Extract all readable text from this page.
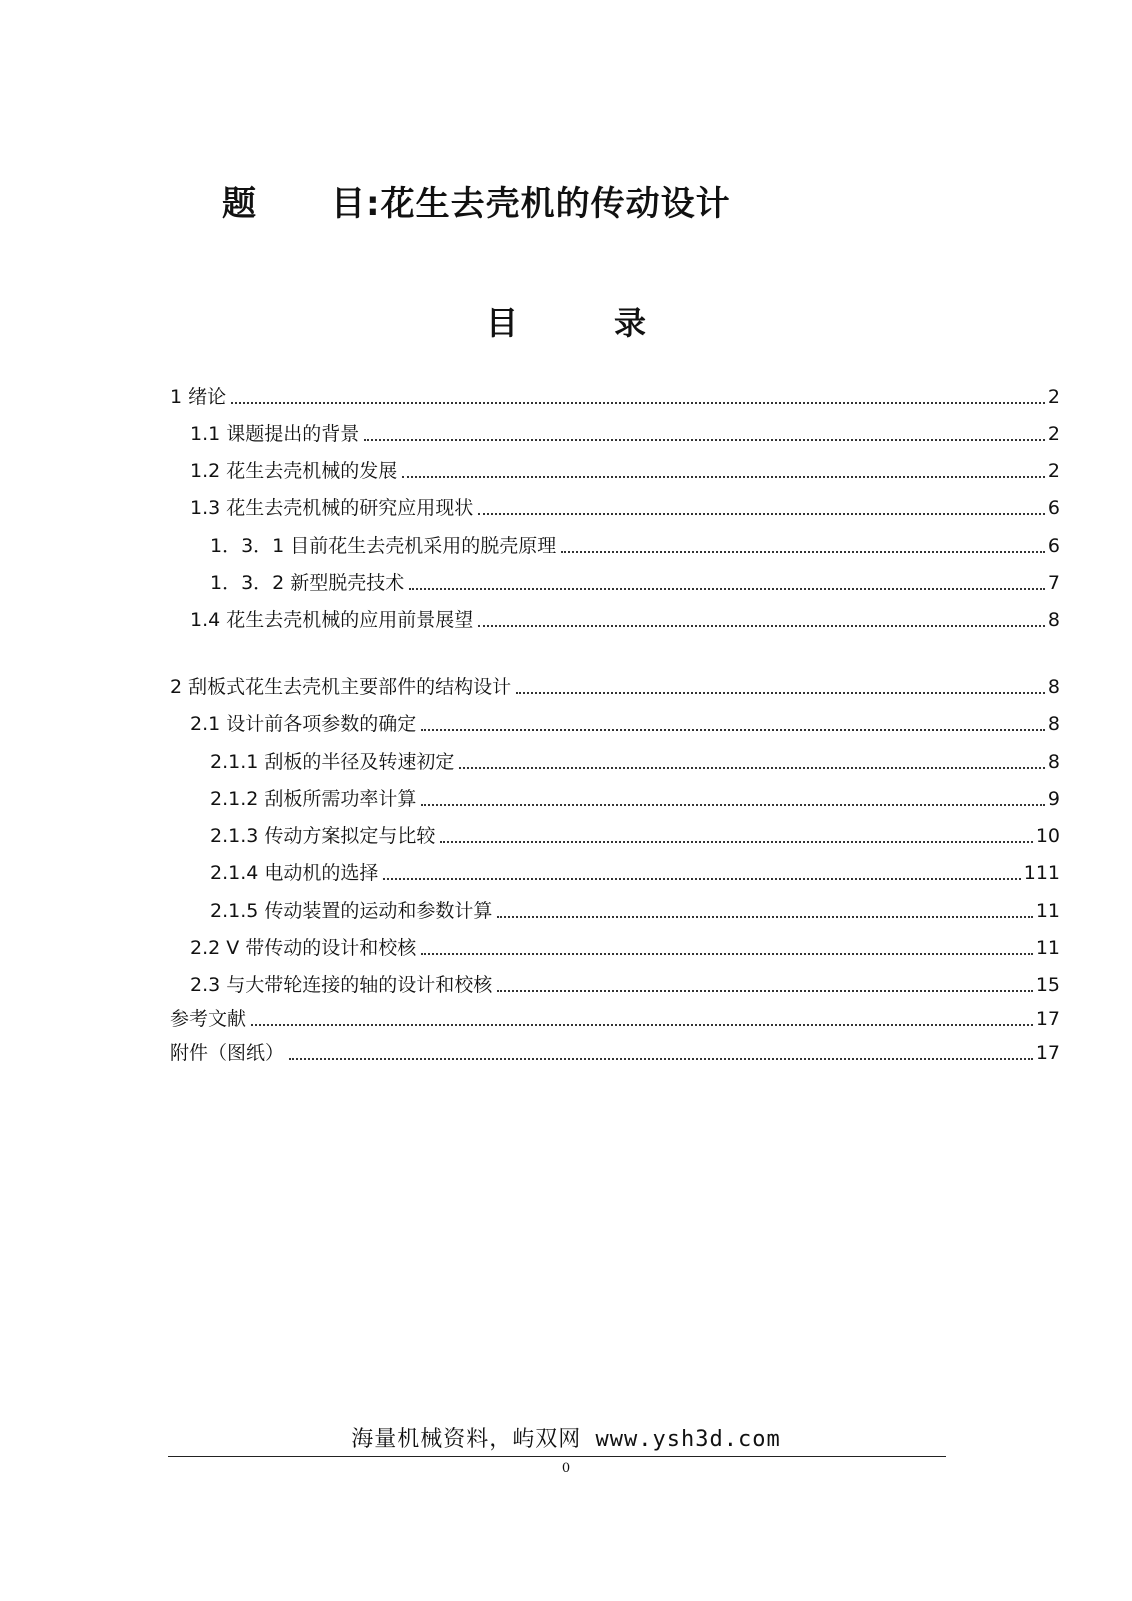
题 目:花生去壳机的传动设计
目	录
1 绪论	2
1.1 课题提出的背景	2
1.2 花生去壳机械的发展	2
1.3 花生去壳机械的研究应用现状	6
1．3．1 目前花生去壳机采用的脱壳原理	6
1．3．2 新型脱壳技术	7
1.4 花生去壳机械的应用前景展望	8
2 刮板式花生去壳机主要部件的结构设计	8
2.1 设计前各项参数的确定	8
2.1.1 刮板的半径及转速初定	8
2.1.2 刮板所需功率计算	9
2.1.3 传动方案拟定与比较	10
2.1.4 电动机的选择	111
2.1.5 传动装置的运动和参数计算	11
2.2 V 带传动的设计和校核	11
2.3 与大带轮连接的轴的设计和校核	15
参考文献	17
附件（图纸）	17
海量机械资料，屿双网 www.ysh3d.com
0
